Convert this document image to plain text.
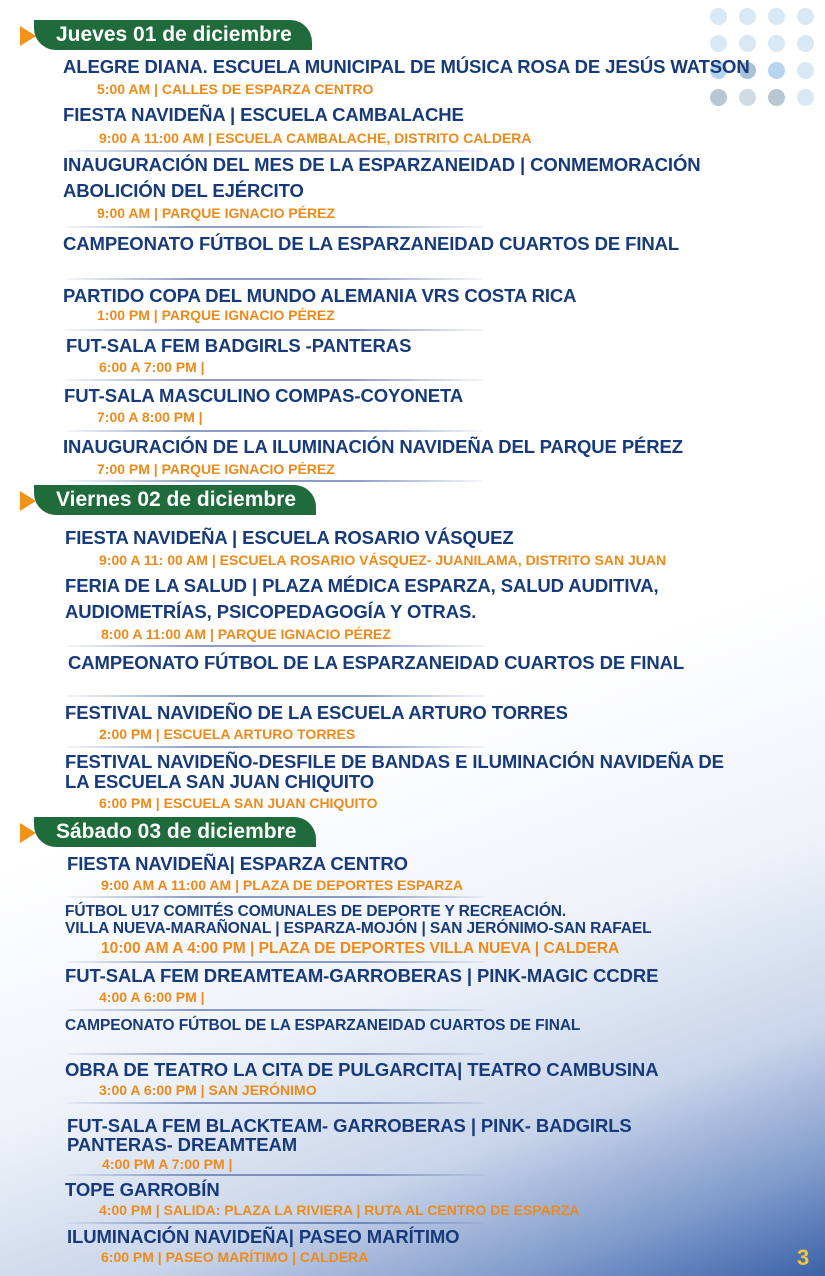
Jueves 01 de diciembre
ALEGRE DIANA. ESCUELA MUNICIPAL DE MÚSICA ROSA DE JESÚS WATSON
5:00 AM | CALLES DE ESPARZA CENTRO
FIESTA NAVIDEÑA | ESCUELA CAMBALACHE
9:00 A 11:00 AM | ESCUELA CAMBALACHE, DISTRITO CALDERA
INAUGURACIÓN DEL MES DE LA ESPARZANEIDAD | CONMEMORACIÓN
ABOLICIÓN DEL EJÉRCITO
9:00 AM | PARQUE IGNACIO PÉREZ
CAMPEONATO FÚTBOL DE LA ESPARZANEIDAD CUARTOS DE FINAL
PARTIDO COPA DEL MUNDO ALEMANIA VRS COSTA RICA
1:00 PM | PARQUE IGNACIO PÉREZ
FUT-SALA FEM BADGIRLS -PANTERAS
6:00 A 7:00 PM |
FUT-SALA MASCULINO COMPAS-COYONETA
7:00 A 8:00 PM |
INAUGURACIÓN DE LA ILUMINACIÓN NAVIDEÑA DEL PARQUE PÉREZ
7:00 PM | PARQUE IGNACIO PÉREZ
Viernes 02 de diciembre
FIESTA NAVIDEÑA | ESCUELA ROSARIO VÁSQUEZ
9:00 A 11: 00 AM | ESCUELA ROSARIO VÁSQUEZ- JUANILAMA, DISTRITO SAN JUAN
FERIA DE LA SALUD | PLAZA MÉDICA ESPARZA, SALUD AUDITIVA,
AUDIOMETRÍAS, PSICOPEDAGOGÍA Y OTRAS.
8:00 A 11:00 AM | PARQUE IGNACIO PÉREZ
CAMPEONATO FÚTBOL DE LA ESPARZANEIDAD CUARTOS DE FINAL
FESTIVAL NAVIDEÑO DE LA ESCUELA ARTURO TORRES
2:00 PM | ESCUELA ARTURO TORRES
FESTIVAL NAVIDEÑO-DESFILE DE BANDAS E ILUMINACIÓN NAVIDEÑA DE
LA ESCUELA SAN JUAN CHIQUITO
6:00 PM | ESCUELA SAN JUAN CHIQUITO
Sábado 03 de diciembre
FIESTA NAVIDEÑA| ESPARZA CENTRO
9:00 AM A 11:00 AM | PLAZA DE DEPORTES ESPARZA
FÚTBOL U17 COMITÉS COMUNALES DE DEPORTE Y RECREACIÓN.
VILLA NUEVA-MARAÑONAL | ESPARZA-MOJÓN | SAN JERÓNIMO-SAN RAFAEL
10:00 AM A 4:00 PM | PLAZA DE DEPORTES VILLA NUEVA | CALDERA
FUT-SALA FEM DREAMTEAM-GARROBERAS | PINK-MAGIC CCDRE
4:00 A 6:00 PM |
CAMPEONATO FÚTBOL DE LA ESPARZANEIDAD CUARTOS DE FINAL
OBRA DE TEATRO LA CITA DE PULGARCITA| TEATRO CAMBUSINA
3:00 A 6:00 PM | SAN JERÓNIMO
FUT-SALA FEM BLACKTEAM- GARROBERAS | PINK- BADGIRLS
PANTERAS- DREAMTEAM
4:00 PM A 7:00 PM |
TOPE GARROBÍN
4:00 PM | SALIDA: PLAZA LA RIVIERA | RUTA AL CENTRO DE ESPARZA
ILUMINACIÓN NAVIDEÑA| PASEO MARÍTIMO
6:00 PM | PASEO MARÍTIMO | CALDERA	3
